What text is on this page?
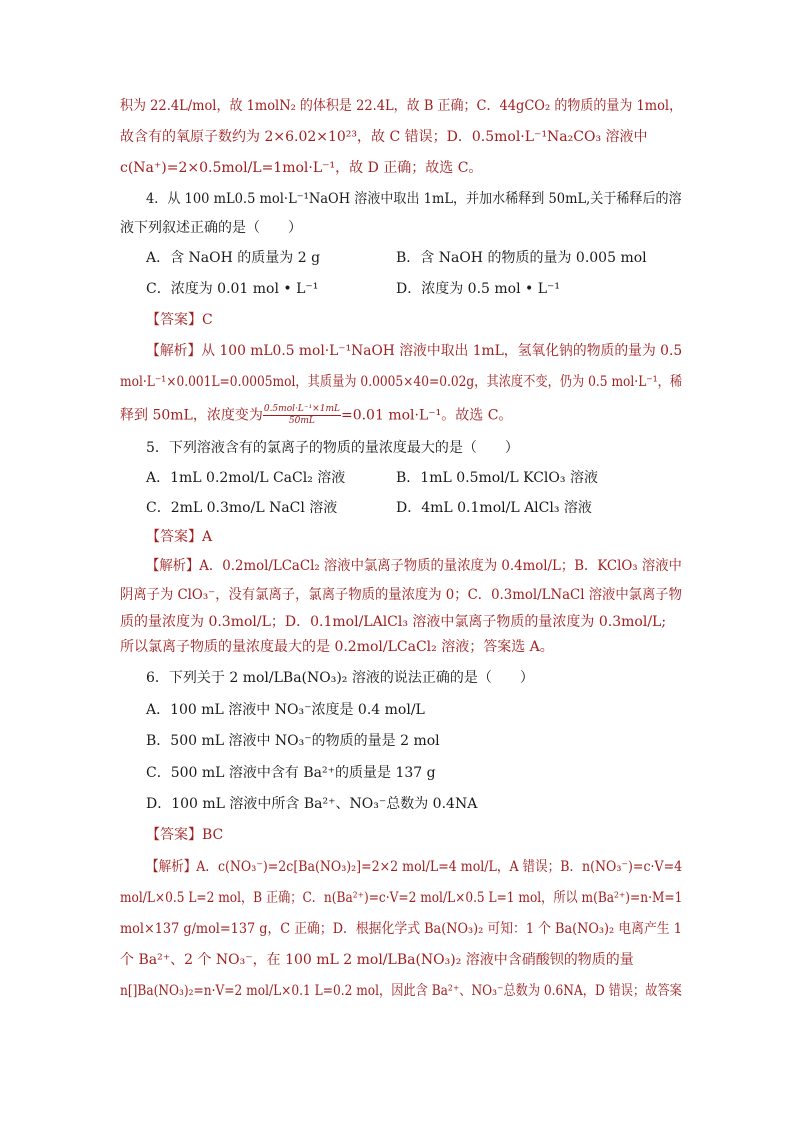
积为 22.4L/mol，故 1molN₂ 的体积是 22.4L，故 B 正确；C．44gCO₂ 的物质的量为 1mol，
故含有的氧原子数约为 2×6.02×10²³，故 C 错误；D．0.5mol·L⁻¹Na₂CO₃ 溶液中
c(Na⁺)=2×0.5mol/L=1mol·L⁻¹，故 D 正确；故选 C。
4．从 100 mL0.5 mol·L⁻¹NaOH 溶液中取出 1mL，并加水稀释到 50mL,关于稀释后的溶
液下列叙述正确的是（　　）
A．含 NaOH 的质量为 2 g	B．含 NaOH 的物质的量为 0.005 mol
C．浓度为 0.01 mol • L⁻¹	D．浓度为 0.5 mol • L⁻¹
【答案】C
【解析】从 100 mL0.5 mol·L⁻¹NaOH 溶液中取出 1mL，氢氧化钠的物质的量为 0.5
mol·L⁻¹×0.001L=0.0005mol，其质量为 0.0005×40=0.02g，其浓度不变，仍为 0.5 mol·L⁻¹，稀
释到 50mL，浓度变为 $\frac{\text{0.5mol·L⁻¹×1mL}}{50mL} =0.01$ mol·L⁻¹。故选 C。
5．下列溶液含有的氯离子的物质的量浓度最大的是（　　）
A．1mL 0.2mol/L CaCl₂ 溶液	B．1mL 0.5mol/L KClO₃ 溶液
C．2mL 0.3mo/L NaCl 溶液	D．4mL 0.1mol/L AlCl₃ 溶液
【答案】A
【解析】A．0.2mol/LCaCl₂ 溶液中氯离子物质的量浓度为 0.4mol/L；B．KClO₃ 溶液中
阴离子为 ClO₃⁻，没有氯离子，氯离子物质的量浓度为 0；C．0.3mol/LNaCl 溶液中氯离子物
质的量浓度为 0.3mol/L；D．0.1mol/LAlCl₃ 溶液中氯离子物质的量浓度为 0.3mol/L;
所以氯离子物质的量浓度最大的是 0.2mol/LCaCl₂ 溶液；答案选 A。
6．下列关于 2 mol/LBa(NO₃)₂ 溶液的说法正确的是（　　）
A．100 mL 溶液中 NO₃⁻浓度是 0.4 mol/L
B．500 mL 溶液中 NO₃⁻的物质的量是 2 mol
C．500 mL 溶液中含有 Ba²⁺的质量是 137 g
D．100 mL 溶液中所含 Ba²⁺、NO₃⁻总数为 0.4NA
【答案】BC
【解析】A．c(NO₃⁻)=2c[Ba(NO₃)₂]=2×2 mol/L=4 mol/L，A 错误；B．n(NO₃⁻)=c·V=4
mol/L×0.5 L=2 mol，B 正确；C．n(Ba²⁺)=c·V=2 mol/L×0.5 L=1 mol，所以 m(Ba²⁺)=n·M=1
mol×137 g/mol=137 g，C 正确；D．根据化学式 Ba(NO₃)₂ 可知：1 个 Ba(NO₃)₂ 电离产生 1
个 Ba²⁺、2 个 NO₃⁻，在 100 mL 2 mol/LBa(NO₃)₂ 溶液中含硝酸钡的物质的量
n[]Ba(NO₃)₂=n·V=2 mol/L×0.1 L=0.2 mol，因此含 Ba²⁺、NO₃⁻总数为 0.6NA，D 错误；故答案
